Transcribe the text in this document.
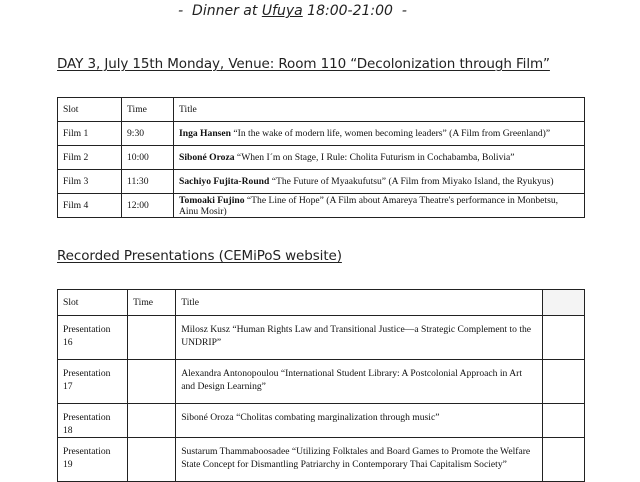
-  Dinner at Ufuya 18:00-21:00  -
DAY 3, July 15th Monday, Venue: Room 110 “Decolonization through Film”
Slot	Time	Title
Film 1	9:30	Inga Hansen “In the wake of modern life, women becoming leaders” (A Film from Greenland)”
Film 2	10:00	Siboné Oroza “When I´m on Stage, I Rule: Cholita Futurism in Cochabamba, Bolivia”
Film 3	11:30	Sachiyo Fujita-Round “The Future of Myaakufutsu” (A Film from Miyako Island, the Ryukyus)
Film 4	12:00	Tomoaki Fujino “The Line of Hope” (A Film about Amareya Theatre's performance in Monbetsu, Ainu Mosir)
Recorded Presentations (CEMiPoS website)
Slot	Time	Title	
Presentation 16		Milosz Kusz “Human Rights Law and Transitional Justice—a Strategic Complement to the UNDRIP”	
Presentation 17		Alexandra Antonopoulou “International Student Library: A Postcolonial Approach in Art and Design Learning”	
Presentation 18		Siboné Oroza “Cholitas combating marginalization through music”	
Presentation 19		Sustarum Thammaboosadee “Utilizing Folktales and Board Games to Promote the Welfare State Concept for Dismantling Patriarchy in Contemporary Thai Capitalism Society”	
